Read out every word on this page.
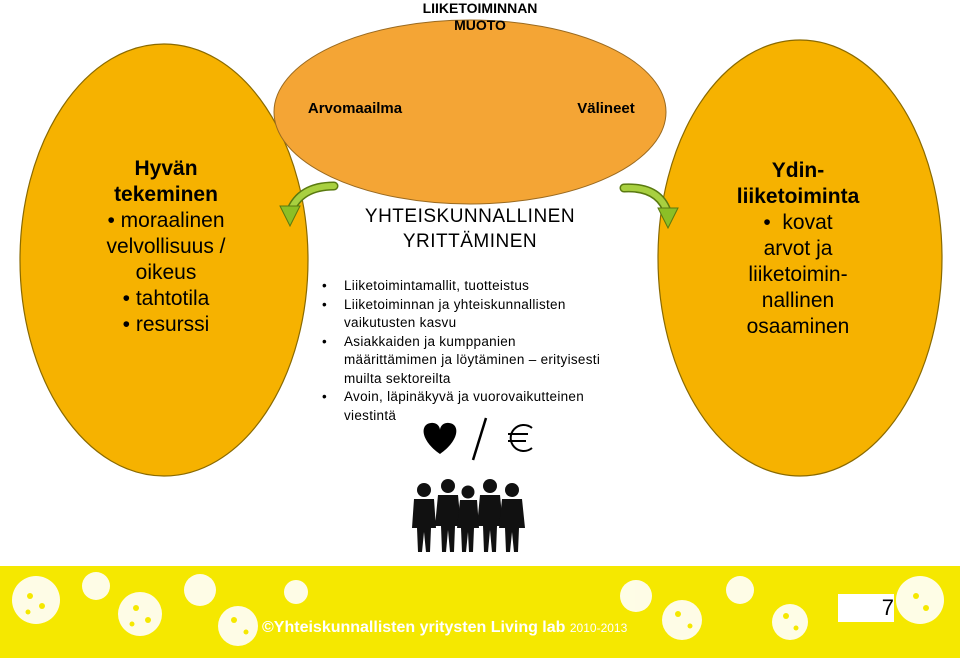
LIIKETOIMINNAN
MUOTO
Arvomaailma	Välineet
Hyvän
tekeminen
• moraalinen
velvollisuus /
oikeus
• tahtotila
• resurssi
Ydin-
liiketoiminta
•  kovat
arvot ja
liiketoimin-
nallinen
osaaminen
YHTEISKUNNALLINEN
YRITTÄMINEN
• Liiketoimintamallit, tuotteistus
• Liiketoiminnan ja yhteiskunnallisten
vaikutusten kasvu
• Asiakkaiden ja kumppanien
määrittämimen ja löytäminen – erityisesti
muilta sektoreilta
• Avoin, läpinäkyvä ja vuorovaikutteinen
viestintä
©Yhteiskunnallisten yritysten Living lab 2010-2013
7
